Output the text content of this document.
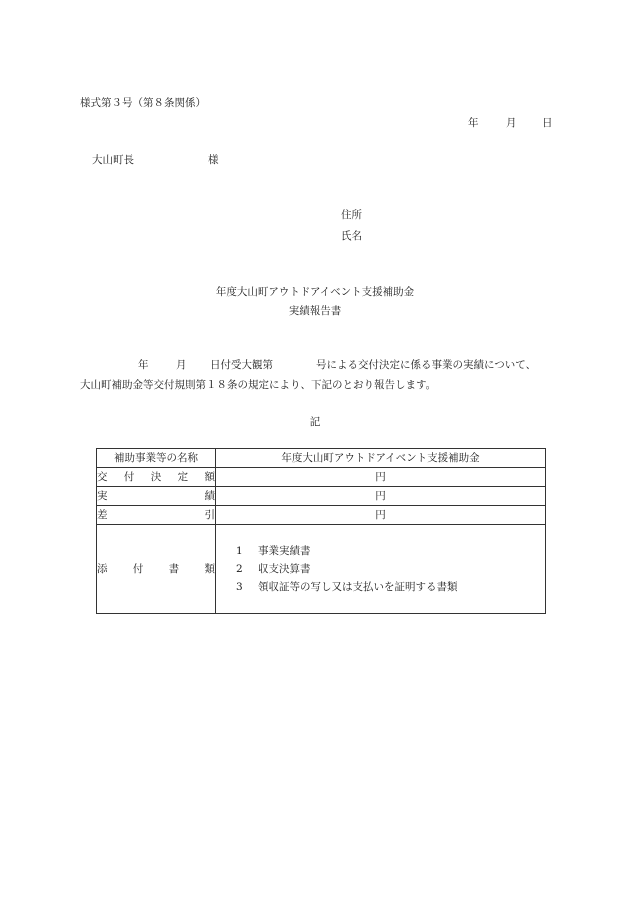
様式第３号（第８条関係）
年	月 日
大山町長	様
住所
氏名
年度大山町アウトドアイベント支援補助金
実績報告書
年	月 日付受大観第	号による交付決定に係る事業の実績について、
大山町補助金等交付規則第１８条の規定により、下記のとおり報告します。
記
補助事業等の名称	年度大山町アウトドアイベント支援補助金
交付決定額	円
実績	円
差引	円
添付書類	1 事業実績書
2 収支決算書
3 領収証等の写し又は支払いを証明する書類
